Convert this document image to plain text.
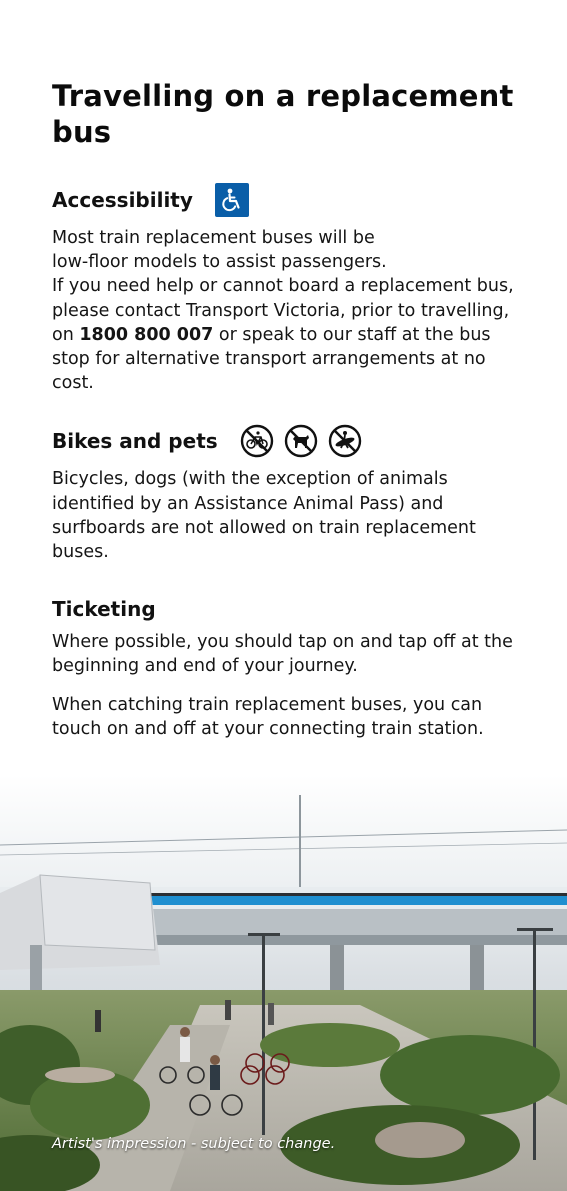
Travelling on a replacement bus
Accessibility

Most train replacement buses will be
low-floor models to assist passengers.

If you need help or cannot board a replacement bus, please contact Transport Victoria, prior to travelling, on 1800 800 007 or speak to our staff at the bus stop for alternative transport arrangements at no cost.

Bikes and pets

Bicycles, dogs (with the exception of animals identified by an Assistance Animal Pass) and surfboards are not allowed on train replacement buses.

Ticketing

Where possible, you should tap on and tap off at the beginning and end of your journey.

When catching train replacement buses, you can touch on and off at your connecting train station.

Artist's impression - subject to change.
